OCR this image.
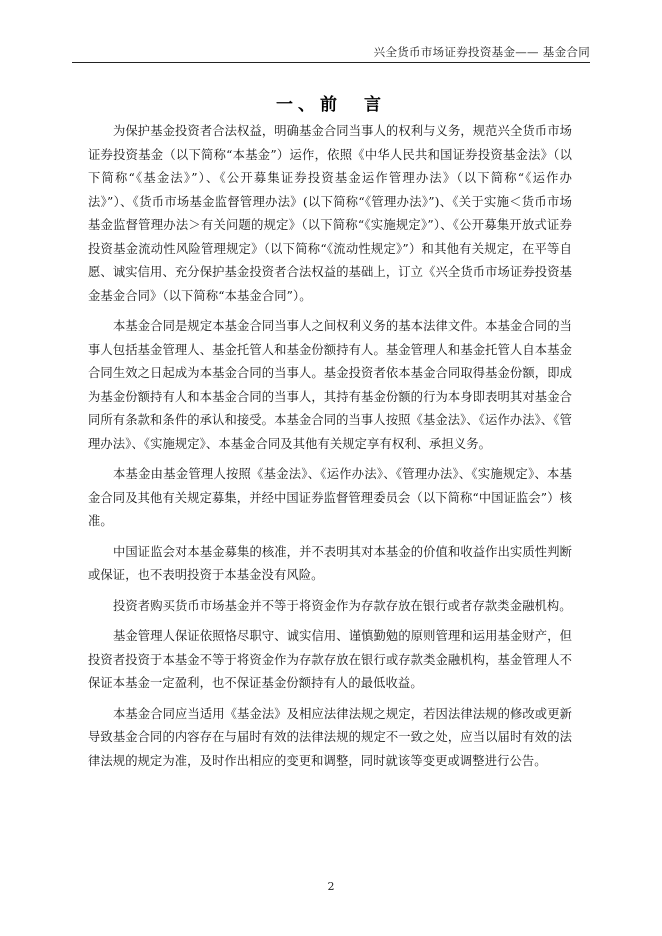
兴全货币市场证券投资基金—— 基金合同
一、前　言

为保护基金投资者合法权益，明确基金合同当事人的权利与义务，规范兴全货币市场证券投资基金（以下简称“本基金”）运作，依照《中华人民共和国证券投资基金法》（以下简称“《基金法》”）、《公开募集证券投资基金运作管理办法》（以下简称“《运作办法》”）、《货币市场基金监督管理办法》(以下简称“《管理办法》”)、《关于实施＜货币市场基金监督管理办法＞有关问题的规定》（以下简称“《实施规定》”）、《公开募集开放式证券投资基金流动性风险管理规定》（以下简称“《流动性规定》”）和其他有关规定，在平等自愿、诚实信用、充分保护基金投资者合法权益的基础上，订立《兴全货币市场证券投资基金基金合同》（以下简称“本基金合同”）。

本基金合同是规定本基金合同当事人之间权利义务的基本法律文件。本基金合同的当事人包括基金管理人、基金托管人和基金份额持有人。基金管理人和基金托管人自本基金合同生效之日起成为本基金合同的当事人。基金投资者依本基金合同取得基金份额，即成为基金份额持有人和本基金合同的当事人，其持有基金份额的行为本身即表明其对基金合同所有条款和条件的承认和接受。本基金合同的当事人按照《基金法》、《运作办法》、《管理办法》、《实施规定》、本基金合同及其他有关规定享有权利、承担义务。

本基金由基金管理人按照《基金法》、《运作办法》、《管理办法》、《实施规定》、本基金合同及其他有关规定募集，并经中国证券监督管理委员会（以下简称“中国证监会”）核准。

中国证监会对本基金募集的核准，并不表明其对本基金的价值和收益作出实质性判断或保证，也不表明投资于本基金没有风险。

投资者购买货币市场基金并不等于将资金作为存款存放在银行或者存款类金融机构。

基金管理人保证依照恪尽职守、诚实信用、谨慎勤勉的原则管理和运用基金财产，但投资者投资于本基金不等于将资金作为存款存放在银行或存款类金融机构，基金管理人不保证本基金一定盈利，也不保证基金份额持有人的最低收益。

本基金合同应当适用《基金法》及相应法律法规之规定，若因法律法规的修改或更新导致基金合同的内容存在与届时有效的法律法规的规定不一致之处，应当以届时有效的法律法规的规定为准，及时作出相应的变更和调整，同时就该等变更或调整进行公告。

2
